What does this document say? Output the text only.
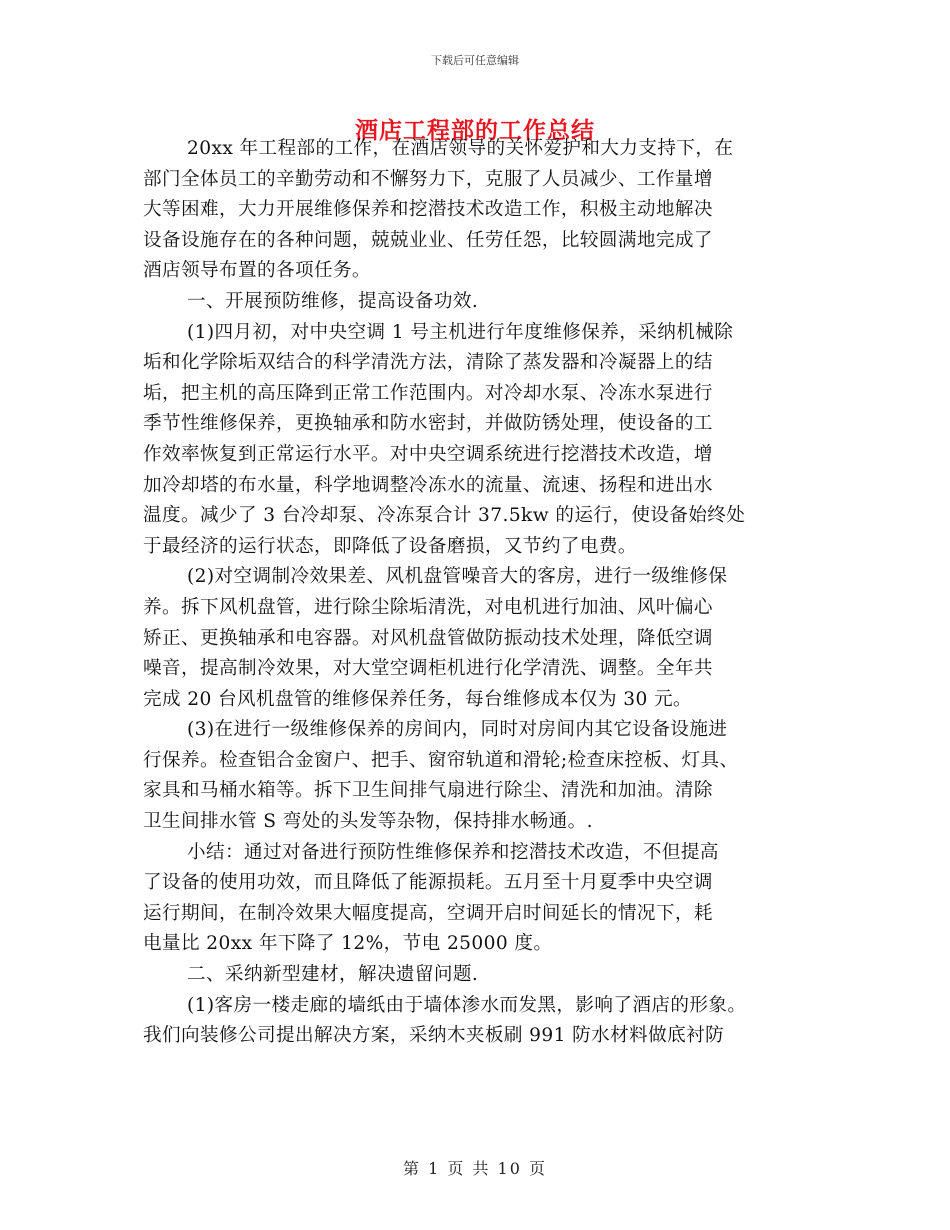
下载后可任意编辑
酒店工程部的工作总结
20xx 年工程部的工作，在酒店领导的关怀爱护和大力支持下，在
部门全体员工的辛勤劳动和不懈努力下，克服了人员减少、工作量增
大等困难，大力开展维修保养和挖潜技术改造工作，积极主动地解决
设备设施存在的各种问题，兢兢业业、任劳任怨，比较圆满地完成了
酒店领导布置的各项任务。
一、开展预防维修，提高设备功效.
(1)四月初，对中央空调 1 号主机进行年度维修保养，采纳机械除
垢和化学除垢双结合的科学清洗方法，清除了蒸发器和冷凝器上的结
垢，把主机的高压降到正常工作范围内。对冷却水泵、冷冻水泵进行
季节性维修保养，更换轴承和防水密封，并做防锈处理，使设备的工
作效率恢复到正常运行水平。对中央空调系统进行挖潜技术改造，增
加冷却塔的布水量，科学地调整冷冻水的流量、流速、扬程和进出水
温度。减少了 3 台冷却泵、冷冻泵合计 37.5kw 的运行，使设备始终处
于最经济的运行状态，即降低了设备磨损，又节约了电费。
(2)对空调制冷效果差、风机盘管噪音大的客房，进行一级维修保
养。拆下风机盘管，进行除尘除垢清洗，对电机进行加油、风叶偏心
矫正、更换轴承和电容器。对风机盘管做防振动技术处理，降低空调
噪音，提高制冷效果，对大堂空调柜机进行化学清洗、调整。全年共
完成 20 台风机盘管的维修保养任务，每台维修成本仅为 30 元。
(3)在进行一级维修保养的房间内，同时对房间内其它设备设施进
行保养。检查铝合金窗户、把手、窗帘轨道和滑轮;检查床控板、灯具、
家具和马桶水箱等。拆下卫生间排气扇进行除尘、清洗和加油。清除
卫生间排水管 S 弯处的头发等杂物，保持排水畅通。.
小结：通过对备进行预防性维修保养和挖潜技术改造，不但提高
了设备的使用功效，而且降低了能源损耗。五月至十月夏季中央空调
运行期间，在制冷效果大幅度提高，空调开启时间延长的情况下，耗
电量比 20xx 年下降了 12%，节电 25000 度。
二、采纳新型建材，解决遗留问题.
(1)客房一楼走廊的墙纸由于墙体渗水而发黑，影响了酒店的形象。
我们向装修公司提出解决方案，采纳木夹板刷 991 防水材料做底衬防
第 1 页 共 10 页
